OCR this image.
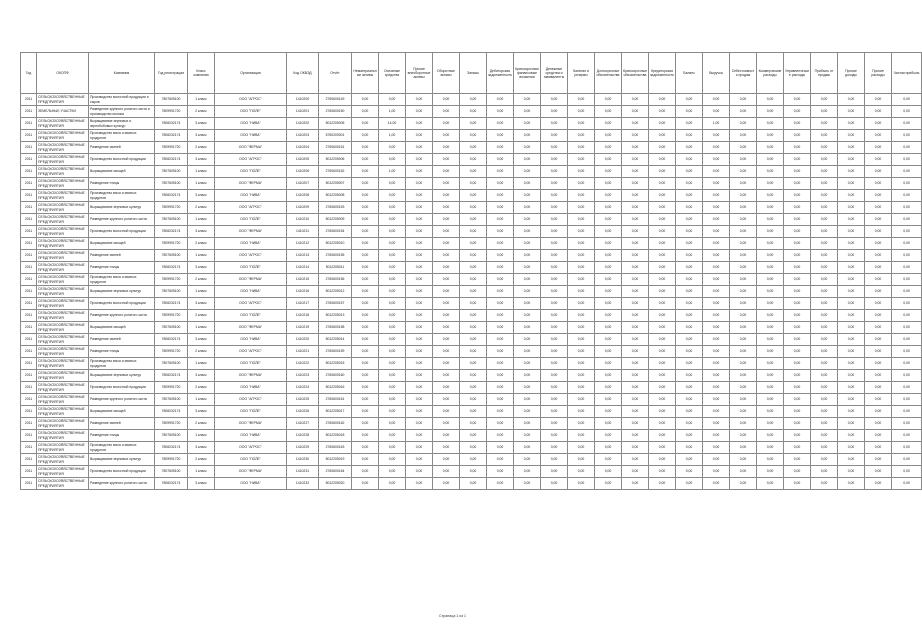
Год	ОКОПФ	Компания	Год регистрации	Класс компании	Организация	Код ОКВЭД	Отчёт	Нематериальные активы	Основные средства	Прочие внеоборотные активы	Оборотные активы	Запасы	Дебиторская задолженность	Краткосрочные финансовые вложения	Денежные средства и эквиваленты	Капитал и резервы	Долгосрочные обязательства	Краткосрочные обязательства	Кредиторская задолженность	Баланс	Выручка	Себестоимость продаж	Коммерческие расходы	Управленческие расходы	Прибыль от продаж	Прочие доходы	Прочие расходы	Чистая прибыль
2011	СЕЛЬСКОХОЗЯЙСТВЕННЫЕ ПРЕДПРИЯТИЯ	Производство молочной продукции и сыров	7807605100	1 класс	ООО "АГРОС"	1410200	2760600149	0,00	0,00	0,00	0,00	0,00	0,00	0,00	0,00	0,00	0,00	0,00	0,00	0,00	0,00	0,00	0,00	0,00	0,00	0,00	0,00	0,00
2011	ЗЕМЕЛЬНЫЕ УЧАСТКИ	Разведение крупного рогатого скота и производство молока	7809991720	2 класс	ООО "ПОЛЕ"	1410201	2760600150	0,00	1,00	0,00	0,00	0,00	0,00	0,00	0,00	0,00	0,00	0,00	0,00	0,00	0,00	0,00	0,00	0,00	0,00	0,00	0,00	0,00
2011	СЕЛЬСКОХОЗЯЙСТВЕННЫЕ ПРЕДПРИЯТИЯ	Выращивание зерновых и зернобобовых культур	7806032174	3 класс	ООО "НИВА"	1410202	5012205005	0,00	14,00	0,00	0,00	0,00	0,00	0,00	0,00	0,00	0,00	0,00	0,00	0,00	1,00	0,00	0,00	0,00	0,00	0,00	0,00	0,00
2011	СЕЛЬСКОХОЗЯЙСТВЕННЫЕ ПРЕДПРИЯТИЯ	Производство мяса и мясных продуктов	7806032174	3 класс	ООО "НИВА"	1410203	5760200001	0,00	1,00	0,00	0,00	0,00	0,00	0,00	0,00	0,00	0,00	0,00	0,00	0,00	0,00	0,00	0,00	0,00	0,00	0,00	0,00	0,00
2011	СЕЛЬСКОХОЗЯЙСТВЕННЫЕ ПРЕДПРИЯТИЯ	Разведение свиней	7809991720	2 класс	ООО "ФЕРМА"	1410204	2760600151	0,00	0,00	0,00	0,00	0,00	0,00	0,00	0,00	0,00	0,00	0,00	0,00	0,00	0,00	0,00	0,00	0,00	0,00	0,00	0,00	0,00
2011	СЕЛЬСКОХОЗЯЙСТВЕННЫЕ ПРЕДПРИЯТИЯ	Производство молочной продукции	7806032174	3 класс	ООО "АГРОС"	1410205	5012205006	0,00	0,00	0,00	0,00	0,00	0,00	0,00	0,00	0,00	0,00	0,00	0,00	0,00	0,00	0,00	0,00	0,00	0,00	0,00	0,00	0,00
2011	СЕЛЬСКОХОЗЯЙСТВЕННЫЕ ПРЕДПРИЯТИЯ	Выращивание овощей	7807605100	1 класс	ООО "ПОЛЕ"	1410206	2760600152	0,00	1,00	0,00	0,00	0,00	0,00	0,00	0,00	0,00	0,00	0,00	0,00	0,00	0,00	0,00	0,00	0,00	0,00	0,00	0,00	0,00
2011	СЕЛЬСКОХОЗЯЙСТВЕННЫЕ ПРЕДПРИЯТИЯ	Разведение птицы	7807605100	1 класс	ООО "ФЕРМА"	1410207	5012205007	0,00	0,00	0,00	0,00	0,00	0,00	0,00	0,00	0,00	0,00	0,00	0,00	0,00	0,00	0,00	0,00	0,00	0,00	0,00	0,00	0,00
2011	СЕЛЬСКОХОЗЯЙСТВЕННЫЕ ПРЕДПРИЯТИЯ	Производство мяса и мясных продуктов	7806032174	3 класс	ООО "НИВА"	1410208	5012205008	0,00	0,00	0,00	0,00	0,00	0,00	0,00	0,00	0,00	0,00	0,00	0,00	0,00	0,00	0,00	0,00	0,00	0,00	0,00	0,00	0,00
2011	СЕЛЬСКОХОЗЯЙСТВЕННЫЕ ПРЕДПРИЯТИЯ	Выращивание зерновых культур	7809991720	2 класс	ООО "АГРОС"	1410209	2760600153	0,00	0,00	0,00	0,00	0,00	0,00	0,00	0,00	0,00	0,00	0,00	0,00	0,00	0,00	0,00	0,00	0,00	0,00	0,00	0,00	0,00
2011	СЕЛЬСКОХОЗЯЙСТВЕННЫЕ ПРЕДПРИЯТИЯ	Разведение крупного рогатого скота	7807605100	1 класс	ООО "ПОЛЕ"	1410210	5012205009	0,00	0,00	0,00	0,00	0,00	0,00	0,00	0,00	0,00	0,00	0,00	0,00	0,00	0,00	0,00	0,00	0,00	0,00	0,00	0,00	0,00
2011	СЕЛЬСКОХОЗЯЙСТВЕННЫЕ ПРЕДПРИЯТИЯ	Производство молочной продукции	7806032174	3 класс	ООО "ФЕРМА"	1410211	2760600154	0,00	0,00	0,00	0,00	0,00	0,00	0,00	0,00	0,00	0,00	0,00	0,00	0,00	0,00	0,00	0,00	0,00	0,00	0,00	0,00	0,00
2011	СЕЛЬСКОХОЗЯЙСТВЕННЫЕ ПРЕДПРИЯТИЯ	Выращивание овощей	7809991720	2 класс	ООО "НИВА"	1410212	5012205010	0,00	0,00	0,00	0,00	0,00	0,00	0,00	0,00	0,00	0,00	0,00	0,00	0,00	0,00	0,00	0,00	0,00	0,00	0,00	0,00	0,00
2011	СЕЛЬСКОХОЗЯЙСТВЕННЫЕ ПРЕДПРИЯТИЯ	Разведение свиней	7807605100	1 класс	ООО "АГРОС"	1410213	2760600155	0,00	0,00	0,00	0,00	0,00	0,00	0,00	0,00	0,00	0,00	0,00	0,00	0,00	0,00	0,00	0,00	0,00	0,00	0,00	0,00	0,00
2011	СЕЛЬСКОХОЗЯЙСТВЕННЫЕ ПРЕДПРИЯТИЯ	Разведение птицы	7806032174	3 класс	ООО "ПОЛЕ"	1410214	5012205011	0,00	0,00	0,00	0,00	0,00	0,00	0,00	0,00	0,00	0,00	0,00	0,00	0,00	0,00	0,00	0,00	0,00	0,00	0,00	0,00	0,00
2011	СЕЛЬСКОХОЗЯЙСТВЕННЫЕ ПРЕДПРИЯТИЯ	Производство мяса и мясных продуктов	7809991720	2 класс	ООО "ФЕРМА"	1410215	2760600156	0,00	0,00	0,00	0,00	0,00	0,00	0,00	0,00	0,00	0,00	0,00	0,00	0,00	0,00	0,00	0,00	0,00	0,00	0,00	0,00	0,00
2011	СЕЛЬСКОХОЗЯЙСТВЕННЫЕ ПРЕДПРИЯТИЯ	Выращивание зерновых культур	7807605100	1 класс	ООО "НИВА"	1410216	5012205012	0,00	0,00	0,00	0,00	0,00	0,00	0,00	0,00	0,00	0,00	0,00	0,00	0,00	0,00	0,00	0,00	0,00	0,00	0,00	0,00	0,00
2011	СЕЛЬСКОХОЗЯЙСТВЕННЫЕ ПРЕДПРИЯТИЯ	Производство молочной продукции	7806032174	3 класс	ООО "АГРОС"	1410217	2760600157	0,00	0,00	0,00	0,00	0,00	0,00	0,00	0,00	0,00	0,00	0,00	0,00	0,00	0,00	0,00	0,00	0,00	0,00	0,00	0,00	0,00
2011	СЕЛЬСКОХОЗЯЙСТВЕННЫЕ ПРЕДПРИЯТИЯ	Разведение крупного рогатого скота	7809991720	2 класс	ООО "ПОЛЕ"	1410218	5012205013	0,00	0,00	0,00	0,00	0,00	0,00	0,00	0,00	0,00	0,00	0,00	0,00	0,00	0,00	0,00	0,00	0,00	0,00	0,00	0,00	0,00
2011	СЕЛЬСКОХОЗЯЙСТВЕННЫЕ ПРЕДПРИЯТИЯ	Выращивание овощей	7807605100	1 класс	ООО "ФЕРМА"	1410219	2760600158	0,00	0,00	0,00	0,00	0,00	0,00	0,00	0,00	0,00	0,00	0,00	0,00	0,00	0,00	0,00	0,00	0,00	0,00	0,00	0,00	0,00
2011	СЕЛЬСКОХОЗЯЙСТВЕННЫЕ ПРЕДПРИЯТИЯ	Разведение свиней	7806032174	3 класс	ООО "НИВА"	1410220	5012205014	0,00	0,00	0,00	0,00	0,00	0,00	0,00	0,00	0,00	0,00	0,00	0,00	0,00	0,00	0,00	0,00	0,00	0,00	0,00	0,00	0,00
2011	СЕЛЬСКОХОЗЯЙСТВЕННЫЕ ПРЕДПРИЯТИЯ	Разведение птицы	7809991720	2 класс	ООО "АГРОС"	1410221	2760600159	0,00	0,00	0,00	0,00	0,00	0,00	0,00	0,00	0,00	0,00	0,00	0,00	0,00	0,00	0,00	0,00	0,00	0,00	0,00	0,00	0,00
2011	СЕЛЬСКОХОЗЯЙСТВЕННЫЕ ПРЕДПРИЯТИЯ	Производство мяса и мясных продуктов	7807605100	1 класс	ООО "ПОЛЕ"	1410222	5012205015	0,00	0,00	0,00	0,00	0,00	0,00	0,00	0,00	0,00	0,00	0,00	0,00	0,00	0,00	0,00	0,00	0,00	0,00	0,00	0,00	0,00
2011	СЕЛЬСКОХОЗЯЙСТВЕННЫЕ ПРЕДПРИЯТИЯ	Выращивание зерновых культур	7806032174	3 класс	ООО "ФЕРМА"	1410223	2760600160	0,00	0,00	0,00	0,00	0,00	0,00	0,00	0,00	0,00	0,00	0,00	0,00	0,00	0,00	0,00	0,00	0,00	0,00	0,00	0,00	0,00
2011	СЕЛЬСКОХОЗЯЙСТВЕННЫЕ ПРЕДПРИЯТИЯ	Производство молочной продукции	7809991720	2 класс	ООО "НИВА"	1410224	5012205016	0,00	0,00	0,00	0,00	0,00	0,00	0,00	0,00	0,00	0,00	0,00	0,00	0,00	0,00	0,00	0,00	0,00	0,00	0,00	0,00	0,00
2011	СЕЛЬСКОХОЗЯЙСТВЕННЫЕ ПРЕДПРИЯТИЯ	Разведение крупного рогатого скота	7807605100	1 класс	ООО "АГРОС"	1410225	2760600161	0,00	0,00	0,00	0,00	0,00	0,00	0,00	0,00	0,00	0,00	0,00	0,00	0,00	0,00	0,00	0,00	0,00	0,00	0,00	0,00	0,00
2011	СЕЛЬСКОХОЗЯЙСТВЕННЫЕ ПРЕДПРИЯТИЯ	Выращивание овощей	7806032174	3 класс	ООО "ПОЛЕ"	1410226	5012205017	0,00	0,00	0,00	0,00	0,00	0,00	0,00	0,00	0,00	0,00	0,00	0,00	0,00	0,00	0,00	0,00	0,00	0,00	0,00	0,00	0,00
2011	СЕЛЬСКОХОЗЯЙСТВЕННЫЕ ПРЕДПРИЯТИЯ	Разведение свиней	7809991720	2 класс	ООО "ФЕРМА"	1410227	2760600162	0,00	0,00	0,00	0,00	0,00	0,00	0,00	0,00	0,00	0,00	0,00	0,00	0,00	0,00	0,00	0,00	0,00	0,00	0,00	0,00	0,00
2011	СЕЛЬСКОХОЗЯЙСТВЕННЫЕ ПРЕДПРИЯТИЯ	Разведение птицы	7807605100	1 класс	ООО "НИВА"	1410228	5012205018	0,00	0,00	0,00	0,00	0,00	0,00	0,00	0,00	0,00	0,00	0,00	0,00	0,00	0,00	0,00	0,00	0,00	0,00	0,00	0,00	0,00
2011	СЕЛЬСКОХОЗЯЙСТВЕННЫЕ ПРЕДПРИЯТИЯ	Производство мяса и мясных продуктов	7806032174	3 класс	ООО "АГРОС"	1410229	2760600163	0,00	0,00	0,00	0,00	0,00	0,00	0,00	0,00	0,00	0,00	0,00	0,00	0,00	0,00	0,00	0,00	0,00	0,00	0,00	0,00	0,00
2011	СЕЛЬСКОХОЗЯЙСТВЕННЫЕ ПРЕДПРИЯТИЯ	Выращивание зерновых культур	7809991720	2 класс	ООО "ПОЛЕ"	1410230	5012205019	0,00	0,00	0,00	0,00	0,00	0,00	0,00	0,00	0,00	0,00	0,00	0,00	0,00	0,00	0,00	0,00	0,00	0,00	0,00	0,00	0,00
2011	СЕЛЬСКОХОЗЯЙСТВЕННЫЕ ПРЕДПРИЯТИЯ	Производство молочной продукции	7807605100	1 класс	ООО "ФЕРМА"	1410231	2760600164	0,00	0,00	0,00	0,00	0,00	0,00	0,00	0,00	0,00	0,00	0,00	0,00	0,00	0,00	0,00	0,00	0,00	0,00	0,00	0,00	0,00
2011	СЕЛЬСКОХОЗЯЙСТВЕННЫЕ ПРЕДПРИЯТИЯ	Разведение крупного рогатого скота	7806032174	3 класс	ООО "НИВА"	1410232	5012205020	0,00	0,00	0,00	0,00	0,00	0,00	0,00	0,00	0,00	0,00	0,00	0,00	0,00	0,00	0,00	0,00	0,00	0,00	0,00	0,00	0,00
Страница 1 из 1
